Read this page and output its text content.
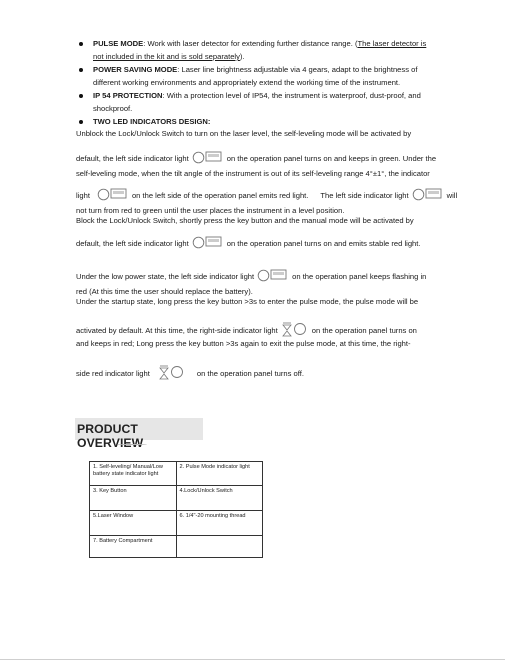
PULSE MODE: Work with laser detector for extending further distance range. (The laser detector is
not included in the kit and is sold separately).
POWER SAVING MODE: Laser line brightness adjustable via 4 gears, adapt to the brightness of
different working environments and appropriately extend the working time of the instrument.
IP 54 PROTECTION: With a protection level of IP54, the instrument is waterproof, dust-proof, and
shockproof.
TWO LED INDICATORS DESIGN:
Unblock the Lock/Unlock Switch to turn on the laser level, the self-leveling mode will be activated by
default, the left side indicator light	on the operation panel turns on and keeps in green. Under the
self-leveling mode, when the tilt angle of the instrument is out of its self-leveling range 4°±1°, the indicator
light	on the left side of the operation panel emits red light. The left side indicator light	will
not turn from red to green until the user places the instrument in a level position.
Block the Lock/Unlock Switch, shortly press the key button and the manual mode will be activated by
default, the left side indicator light	on the operation panel turns on and emits stable red light.
Under the low power state, the left side indicator light	on the operation panel keeps flashing in
red (At this time the user should replace the battery).
Under the startup state, long press the key button >3s to enter the pulse mode, the pulse mode will be
activated by default. At this time, the right-side indicator light	on the operation panel turns on
and keeps in red; Long press the key button >3s again to exit the pulse mode, at this time, the right-
side red indicator light	on the operation panel turns off.
PRODUCT OVERVIEW
1. Self-leveling/ Manual/Low battery state indicator light	2. Pulse Mode indicator light
3. Key Button	4.Lock/Unlock Switch
5.Laser Window	6. 1/4"-20 mounting thread
7. Battery Compartment	
